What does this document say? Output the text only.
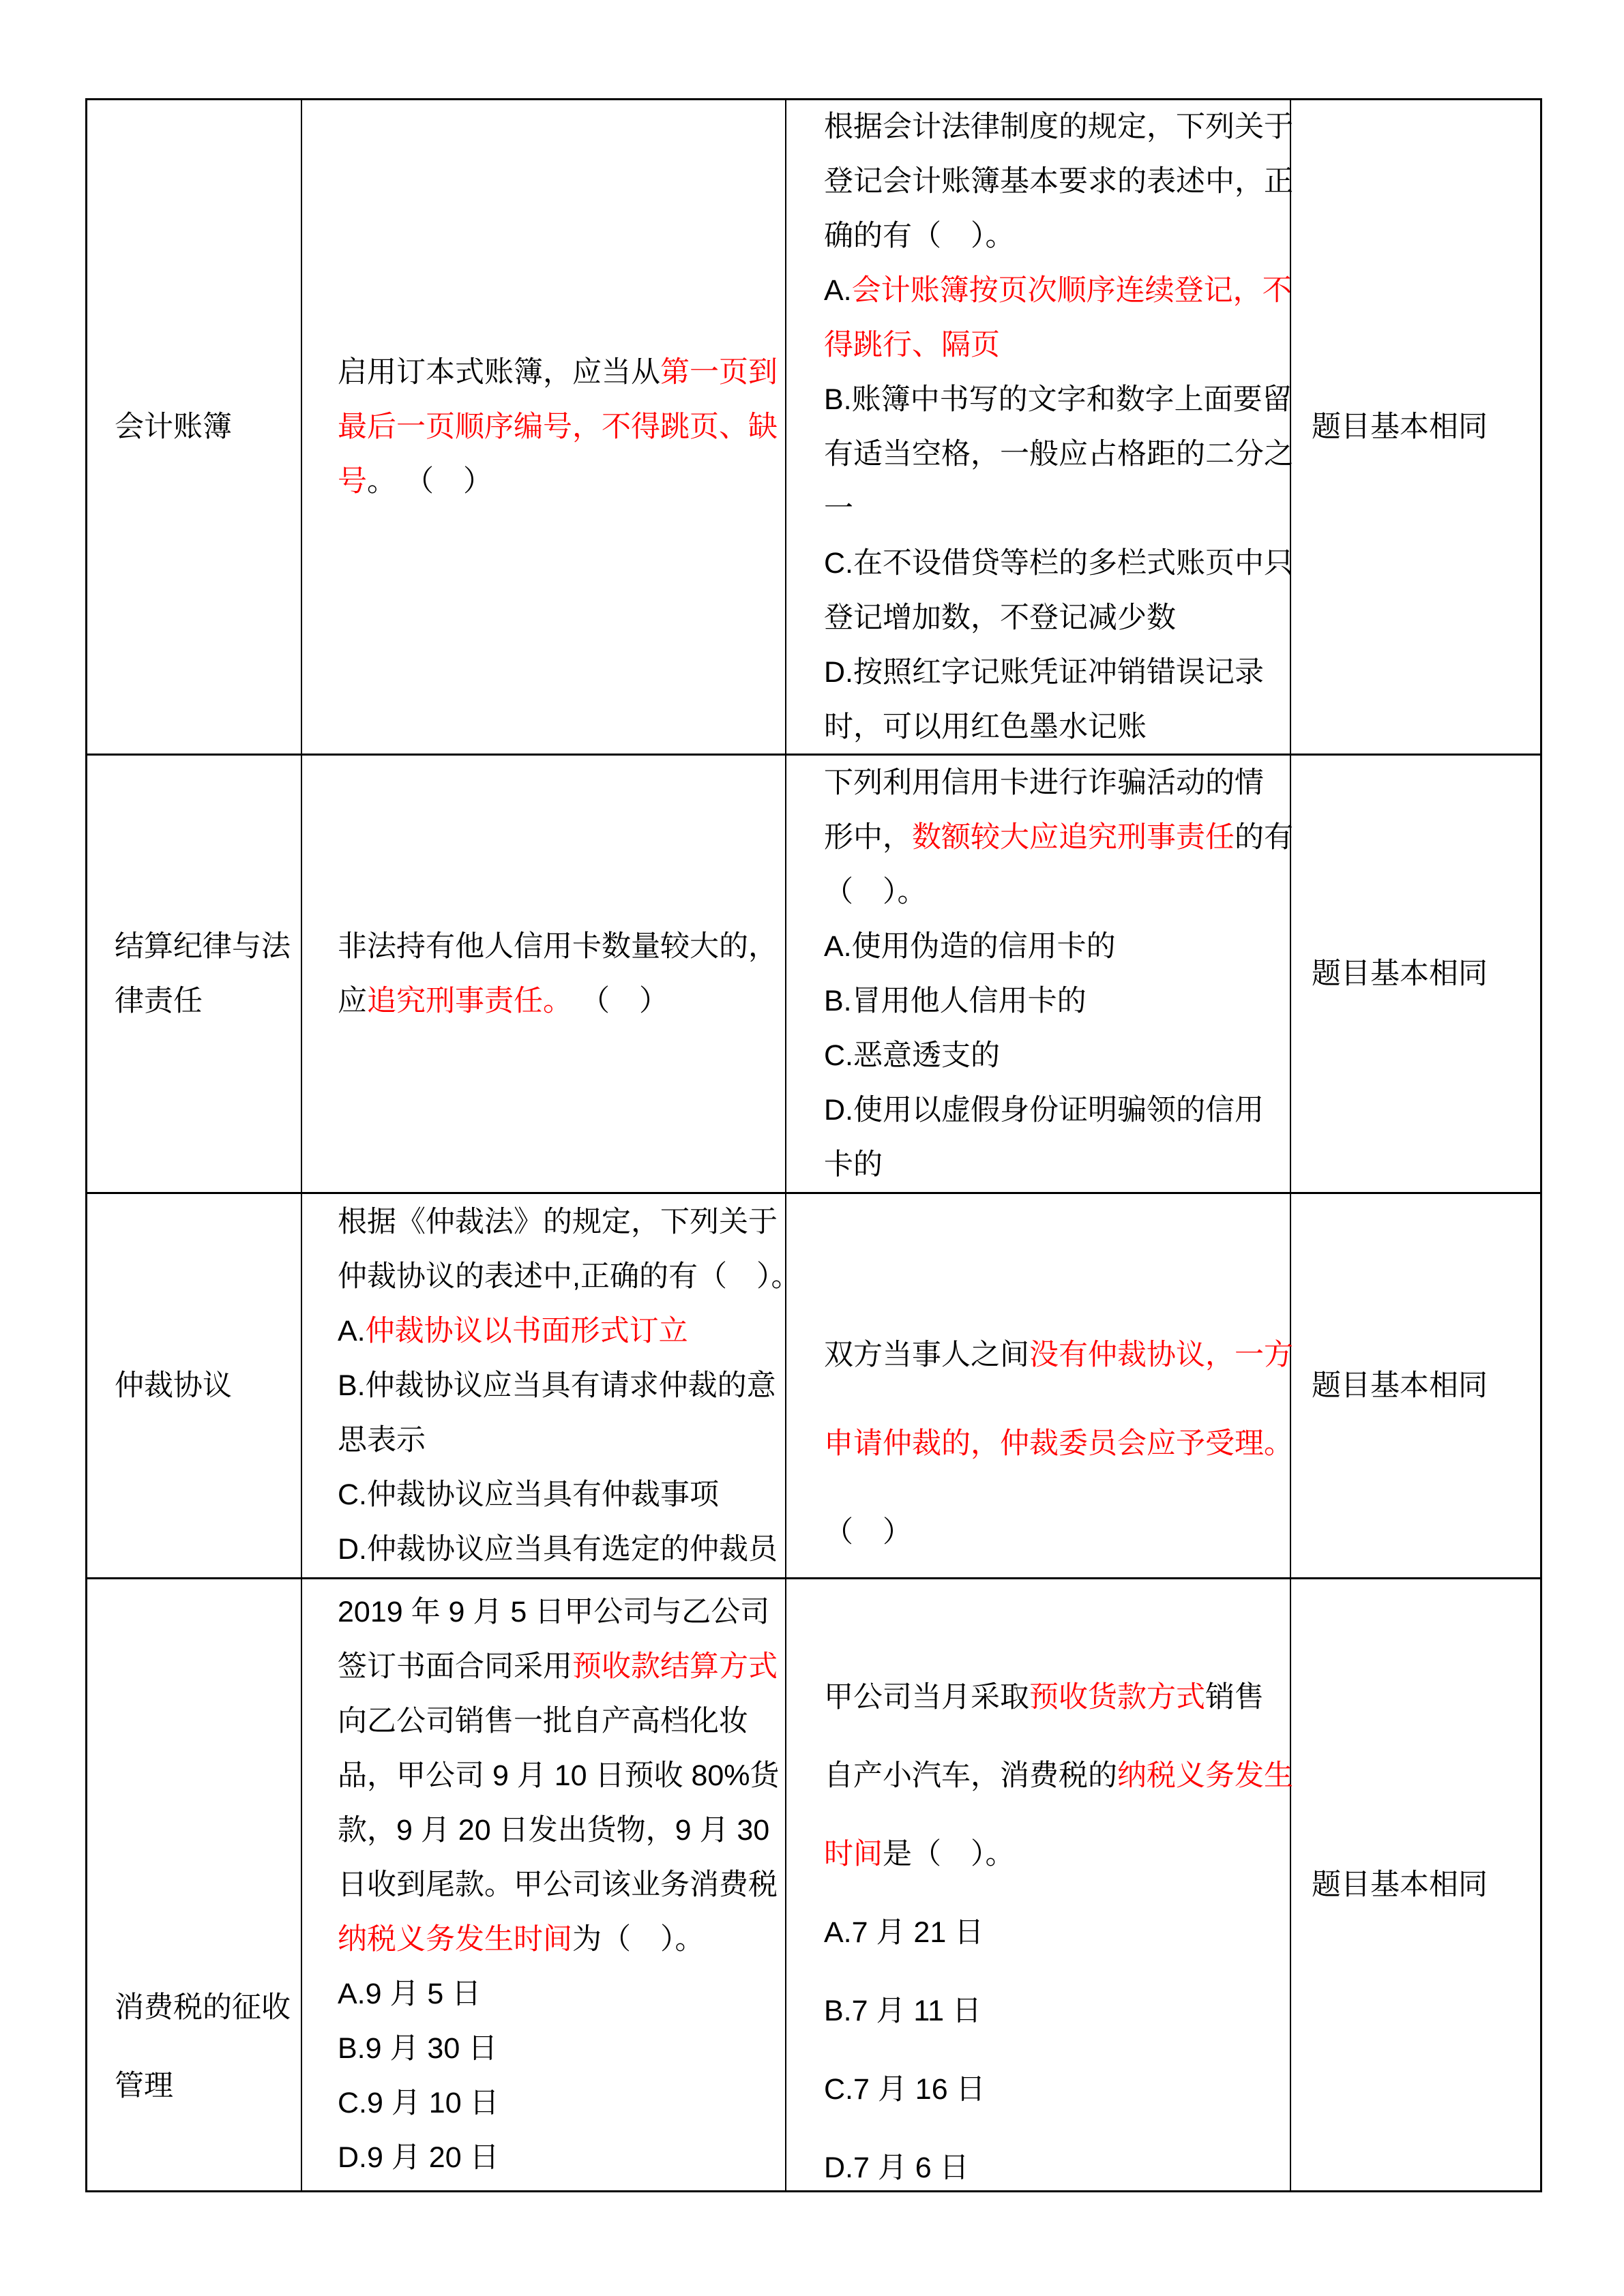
会计账簿
启用订本式账簿，应当从第一页到
最后一页顺序编号，不得跳页、缺
号。 （　）
根据会计法律制度的规定，下列关于
登记会计账簿基本要求的表述中，正
确的有（　）。
A.会计账簿按页次顺序连续登记，不
得跳行、隔页
B.账簿中书写的文字和数字上面要留
有适当空格，一般应占格距的二分之
一
C.在不设借贷等栏的多栏式账页中只
登记增加数，不登记减少数
D.按照红字记账凭证冲销错误记录
时，可以用红色墨水记账
题目基本相同
结算纪律与法
律责任
非法持有他人信用卡数量较大的，
应追究刑事责任。 （　）
下列利用信用卡进行诈骗活动的情
形中，数额较大应追究刑事责任的有
（　）。
A.使用伪造的信用卡的
B.冒用他人信用卡的
C.恶意透支的
D.使用以虚假身份证明骗领的信用
卡的
题目基本相同
仲裁协议
根据《仲裁法》的规定，下列关于
仲裁协议的表述中,正确的有（　）。
A.仲裁协议以书面形式订立
B.仲裁协议应当具有请求仲裁的意
思表示
C.仲裁协议应当具有仲裁事项
D.仲裁协议应当具有选定的仲裁员
双方当事人之间没有仲裁协议，一方
申请仲裁的，仲裁委员会应予受理。
（　）
题目基本相同
消费税的征收
管理
2019 年 9 月 5 日甲公司与乙公司
签订书面合同采用预收款结算方式
向乙公司销售一批自产高档化妆
品，甲公司 9 月 10 日预收 80%货
款，9 月 20 日发出货物，9 月 30
日收到尾款。甲公司该业务消费税
纳税义务发生时间为（　）。
A.9 月 5 日
B.9 月 30 日
C.9 月 10 日
D.9 月 20 日
甲公司当月采取预收货款方式销售
自产小汽车，消费税的纳税义务发生
时间是（　）。
A.7 月 21 日
B.7 月 11 日
C.7 月 16 日
D.7 月 6 日
题目基本相同
